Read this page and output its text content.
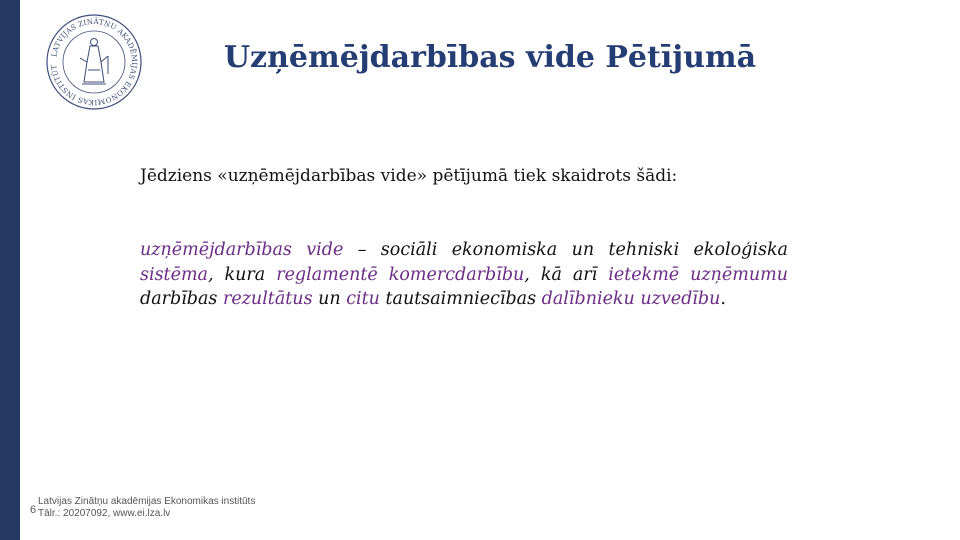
LATVIJAS ZINĀTŅU AKADĒMIJAS EKONOMIKAS INSTITŪT	Uzņēmējdarbības vide Pētījumā

Jēdziens «uzņēmējdarbības vide» pētījumā tiek skaidrots šādi:

uzņēmējdarbības vide – sociāli ekonomiska un tehniski ekoloģiska sistēma, kura reglamentē komercdarbību, kā arī ietekmē uzņēmumu darbības rezultātus un citu tautsaimniecības dalībnieku uzvedību.

6
Latvijas Zinātņu akadēmijas Ekonomikas institūts
Tālr.: 20207092, www.ei.lza.lv
